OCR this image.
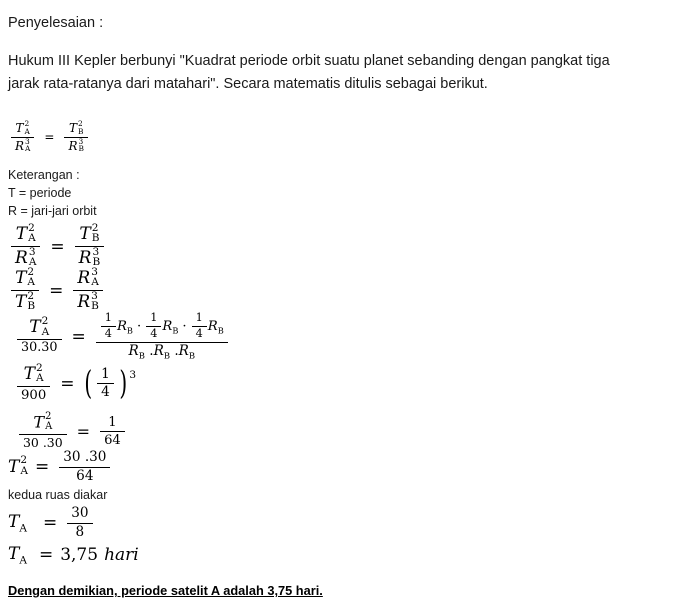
Penyelesaian :
Hukum III Kepler berbunyi "Kuadrat periode orbit suatu planet sebanding dengan pangkat tiga jarak rata-ratanya dari matahari". Secara matematis ditulis sebagai berikut.
T 2
A
R 3
A = T 2
B
R 3
B
Keterangan :
T = periode
R = jari-jari orbit
T 2
A
R 3
A = T 2
B
R 3
B
T 2
A
T 2
B = R 3
A
R 3
B
T 2
A
$30.30 = \frac{1}{4} R_B \cdot \frac{1}{4} R_B \cdot \frac{1}{4} R_B$
$R_B$ $.R_B$ $.R_B$
T 2
A
900 = ( $\frac{1}{4}$ ) 3
T 2
A
30 $.30 = \frac{1}{64}$
T 2
$A = \frac{30 .30}{64}$
kedua ruas diakar
$T_A = \frac{30}{8}$
$T_A = 3,75$ hari
Dengan demikian, periode satelit A adalah 3,75 hari.
